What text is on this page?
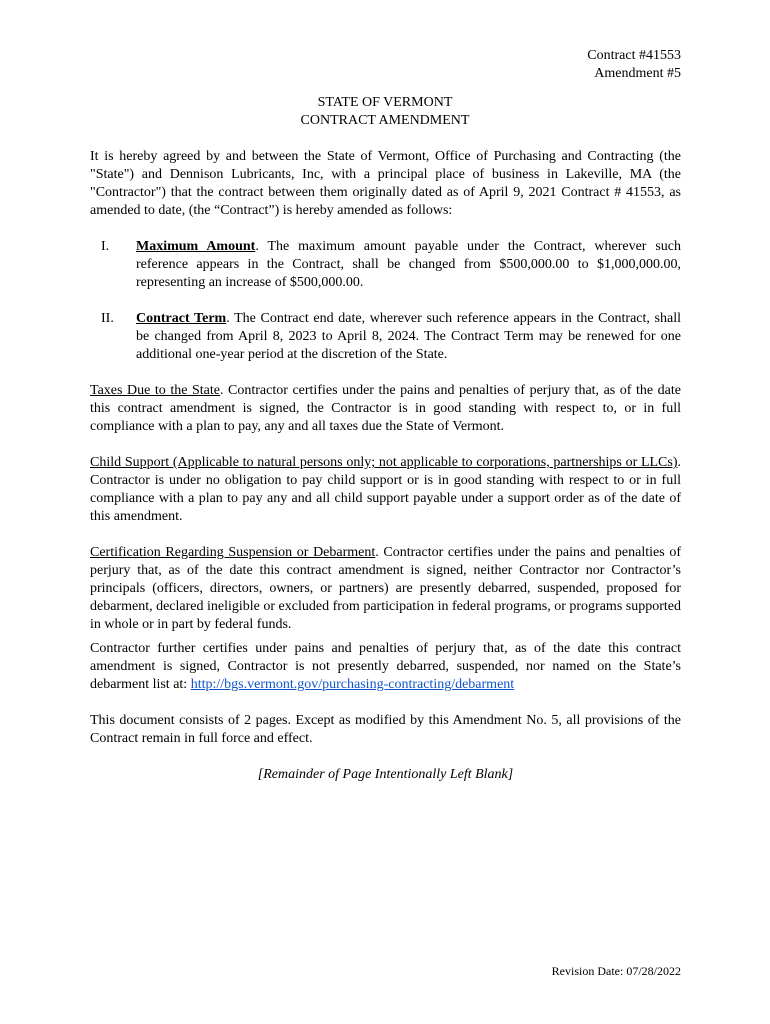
Contract #41553
Amendment #5
STATE OF VERMONT
CONTRACT AMENDMENT

It is hereby agreed by and between the State of Vermont, Office of Purchasing and Contracting (the "State") and Dennison Lubricants, Inc, with a principal place of business in Lakeville, MA (the "Contractor") that the contract between them originally dated as of April 9, 2021 Contract # 41553, as amended to date, (the “Contract”) is hereby amended as follows:

I. Maximum Amount. The maximum amount payable under the Contract, wherever such reference appears in the Contract, shall be changed from $500,000.00 to $1,000,000.00, representing an increase of $500,000.00.
II. Contract Term. The Contract end date, wherever such reference appears in the Contract, shall be changed from April 8, 2023 to April 8, 2024. The Contract Term may be renewed for one additional one-year period at the discretion of the State.

Taxes Due to the State. Contractor certifies under the pains and penalties of perjury that, as of the date this contract amendment is signed, the Contractor is in good standing with respect to, or in full compliance with a plan to pay, any and all taxes due the State of Vermont.

Child Support (Applicable to natural persons only; not applicable to corporations, partnerships or LLCs). Contractor is under no obligation to pay child support or is in good standing with respect to or in full compliance with a plan to pay any and all child support payable under a support order as of the date of this amendment.

Certification Regarding Suspension or Debarment. Contractor certifies under the pains and penalties of perjury that, as of the date this contract amendment is signed, neither Contractor nor Contractor’s principals (officers, directors, owners, or partners) are presently debarred, suspended, proposed for debarment, declared ineligible or excluded from participation in federal programs, or programs supported in whole or in part by federal funds.

Contractor further certifies under pains and penalties of perjury that, as of the date this contract amendment is signed, Contractor is not presently debarred, suspended, nor named on the State’s debarment list at: http://bgs.vermont.gov/purchasing-contracting/debarment

This document consists of 2 pages. Except as modified by this Amendment No. 5, all provisions of the Contract remain in full force and effect.

[Remainder of Page Intentionally Left Blank]
Revision Date: 07/28/2022
